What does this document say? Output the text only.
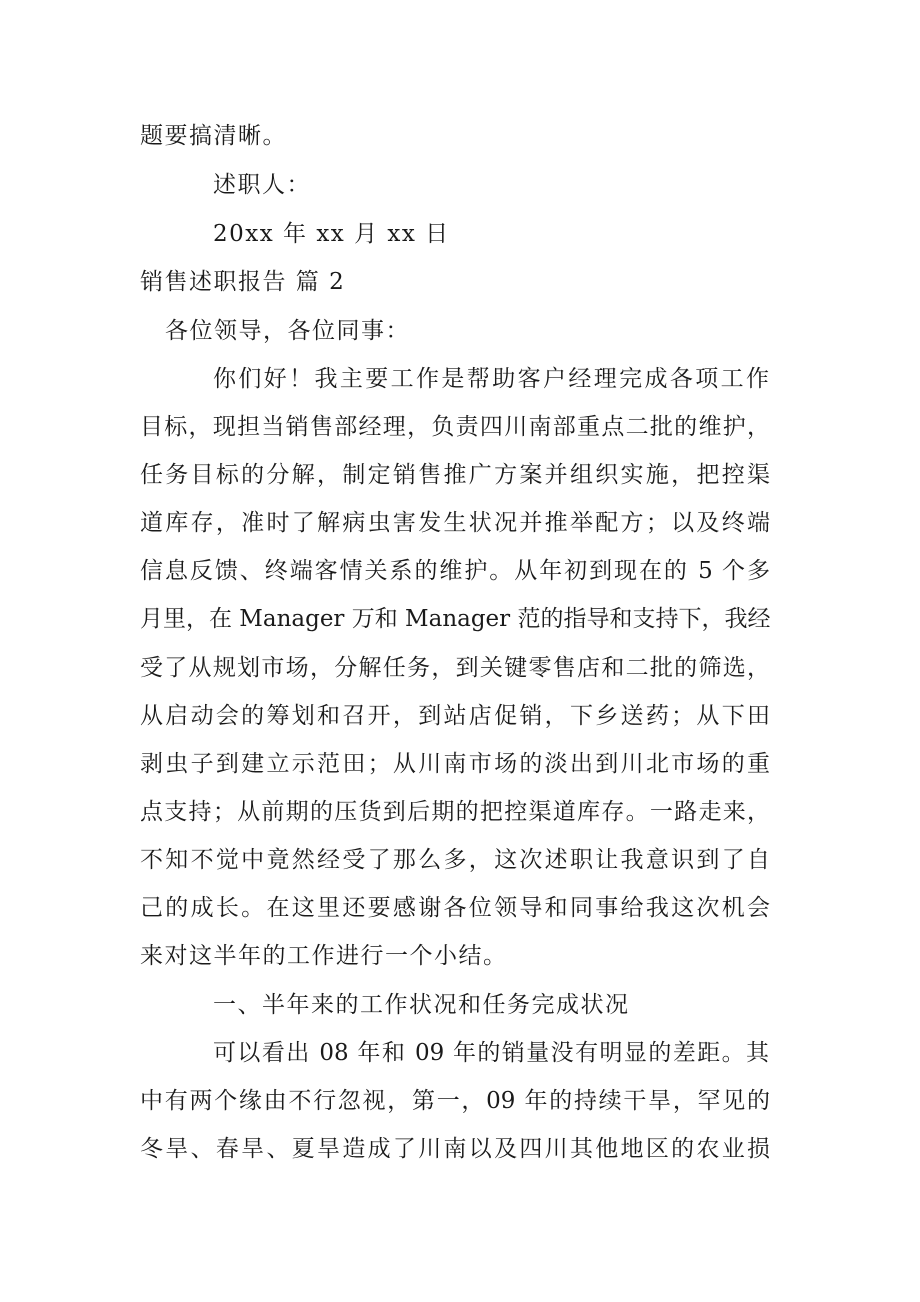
题要搞清晰。
述职人：
20xx 年 xx 月 xx 日
销售述职报告 篇 2
各位领导，各位同事：
你们好！我主要工作是帮助客户经理完成各项工作
目标，现担当销售部经理，负责四川南部重点二批的维护，
任务目标的分解，制定销售推广方案并组织实施，把控渠
道库存，准时了解病虫害发生状况并推举配方；以及终端
信息反馈、终端客情关系的维护。从年初到现在的 5 个多
月里，在 Manager 万和 Manager 范的指导和支持下，我经
受了从规划市场，分解任务，到关键零售店和二批的筛选，
从启动会的筹划和召开，到站店促销，下乡送药；从下田
剥虫子到建立示范田；从川南市场的淡出到川北市场的重
点支持；从前期的压货到后期的把控渠道库存。一路走来，
不知不觉中竟然经受了那么多，这次述职让我意识到了自
己的成长。在这里还要感谢各位领导和同事给我这次机会
来对这半年的工作进行一个小结。
一、半年来的工作状况和任务完成状况
可以看出 08 年和 09 年的销量没有明显的差距。其
中有两个缘由不行忽视，第一，09 年的持续干旱，罕见的
冬旱、春旱、夏旱造成了川南以及四川其他地区的农业损
